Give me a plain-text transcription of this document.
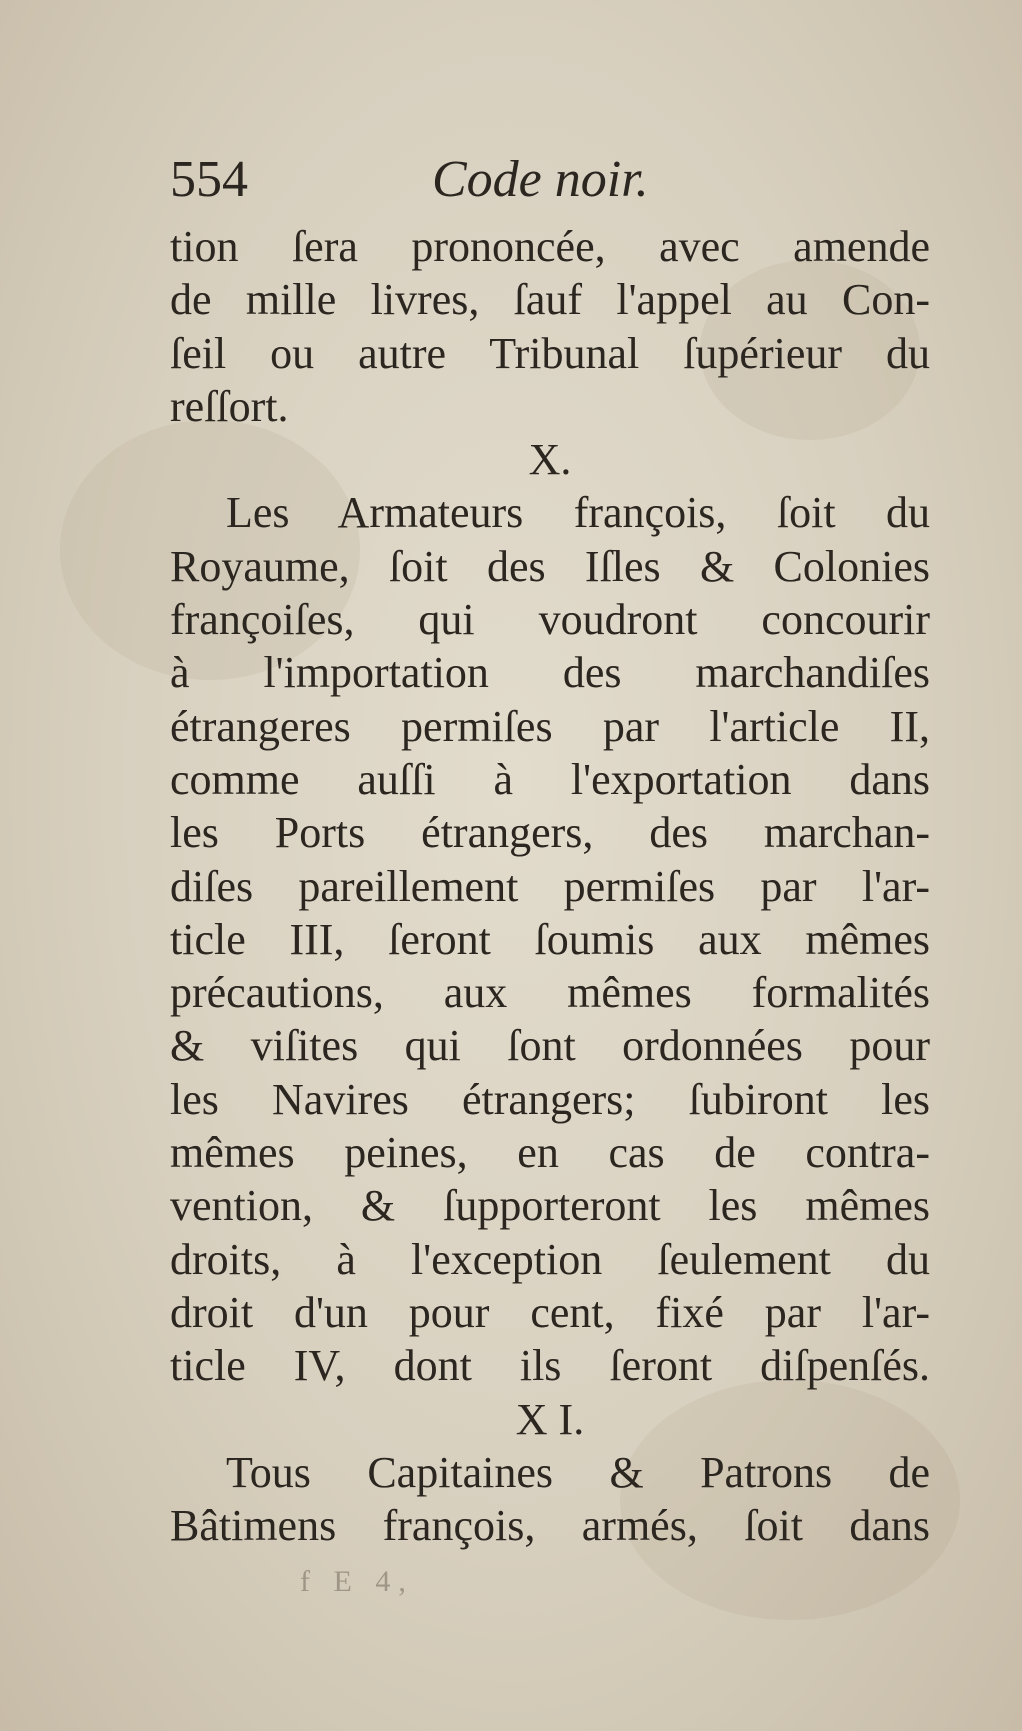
554	Code noir.
tion ſera prononcée, avec amende
de mille livres, ſauf l'appel au Con-
ſeil ou autre Tribunal ſupérieur du
reſſort.
X.
Les Armateurs françois, ſoit du
Royaume, ſoit des Iſles & Colonies
françoiſes, qui voudront concourir
à l'importation des marchandiſes
étrangeres permiſes par l'article II,
comme auſſi à l'exportation dans
les Ports étrangers, des marchan-
diſes pareillement permiſes par l'ar-
ticle III, ſeront ſoumis aux mêmes
précautions, aux mêmes formalités
& viſites qui ſont ordonnées pour
les Navires étrangers; ſubiront les
mêmes peines, en cas de contra-
vention, & ſupporteront les mêmes
droits, à l'exception ſeulement du
droit d'un pour cent, fixé par l'ar-
ticle IV, dont ils ſeront diſpenſés.
X I.
Tous Capitaines & Patrons de
Bâtimens françois, armés, ſoit dans
f E 4,
